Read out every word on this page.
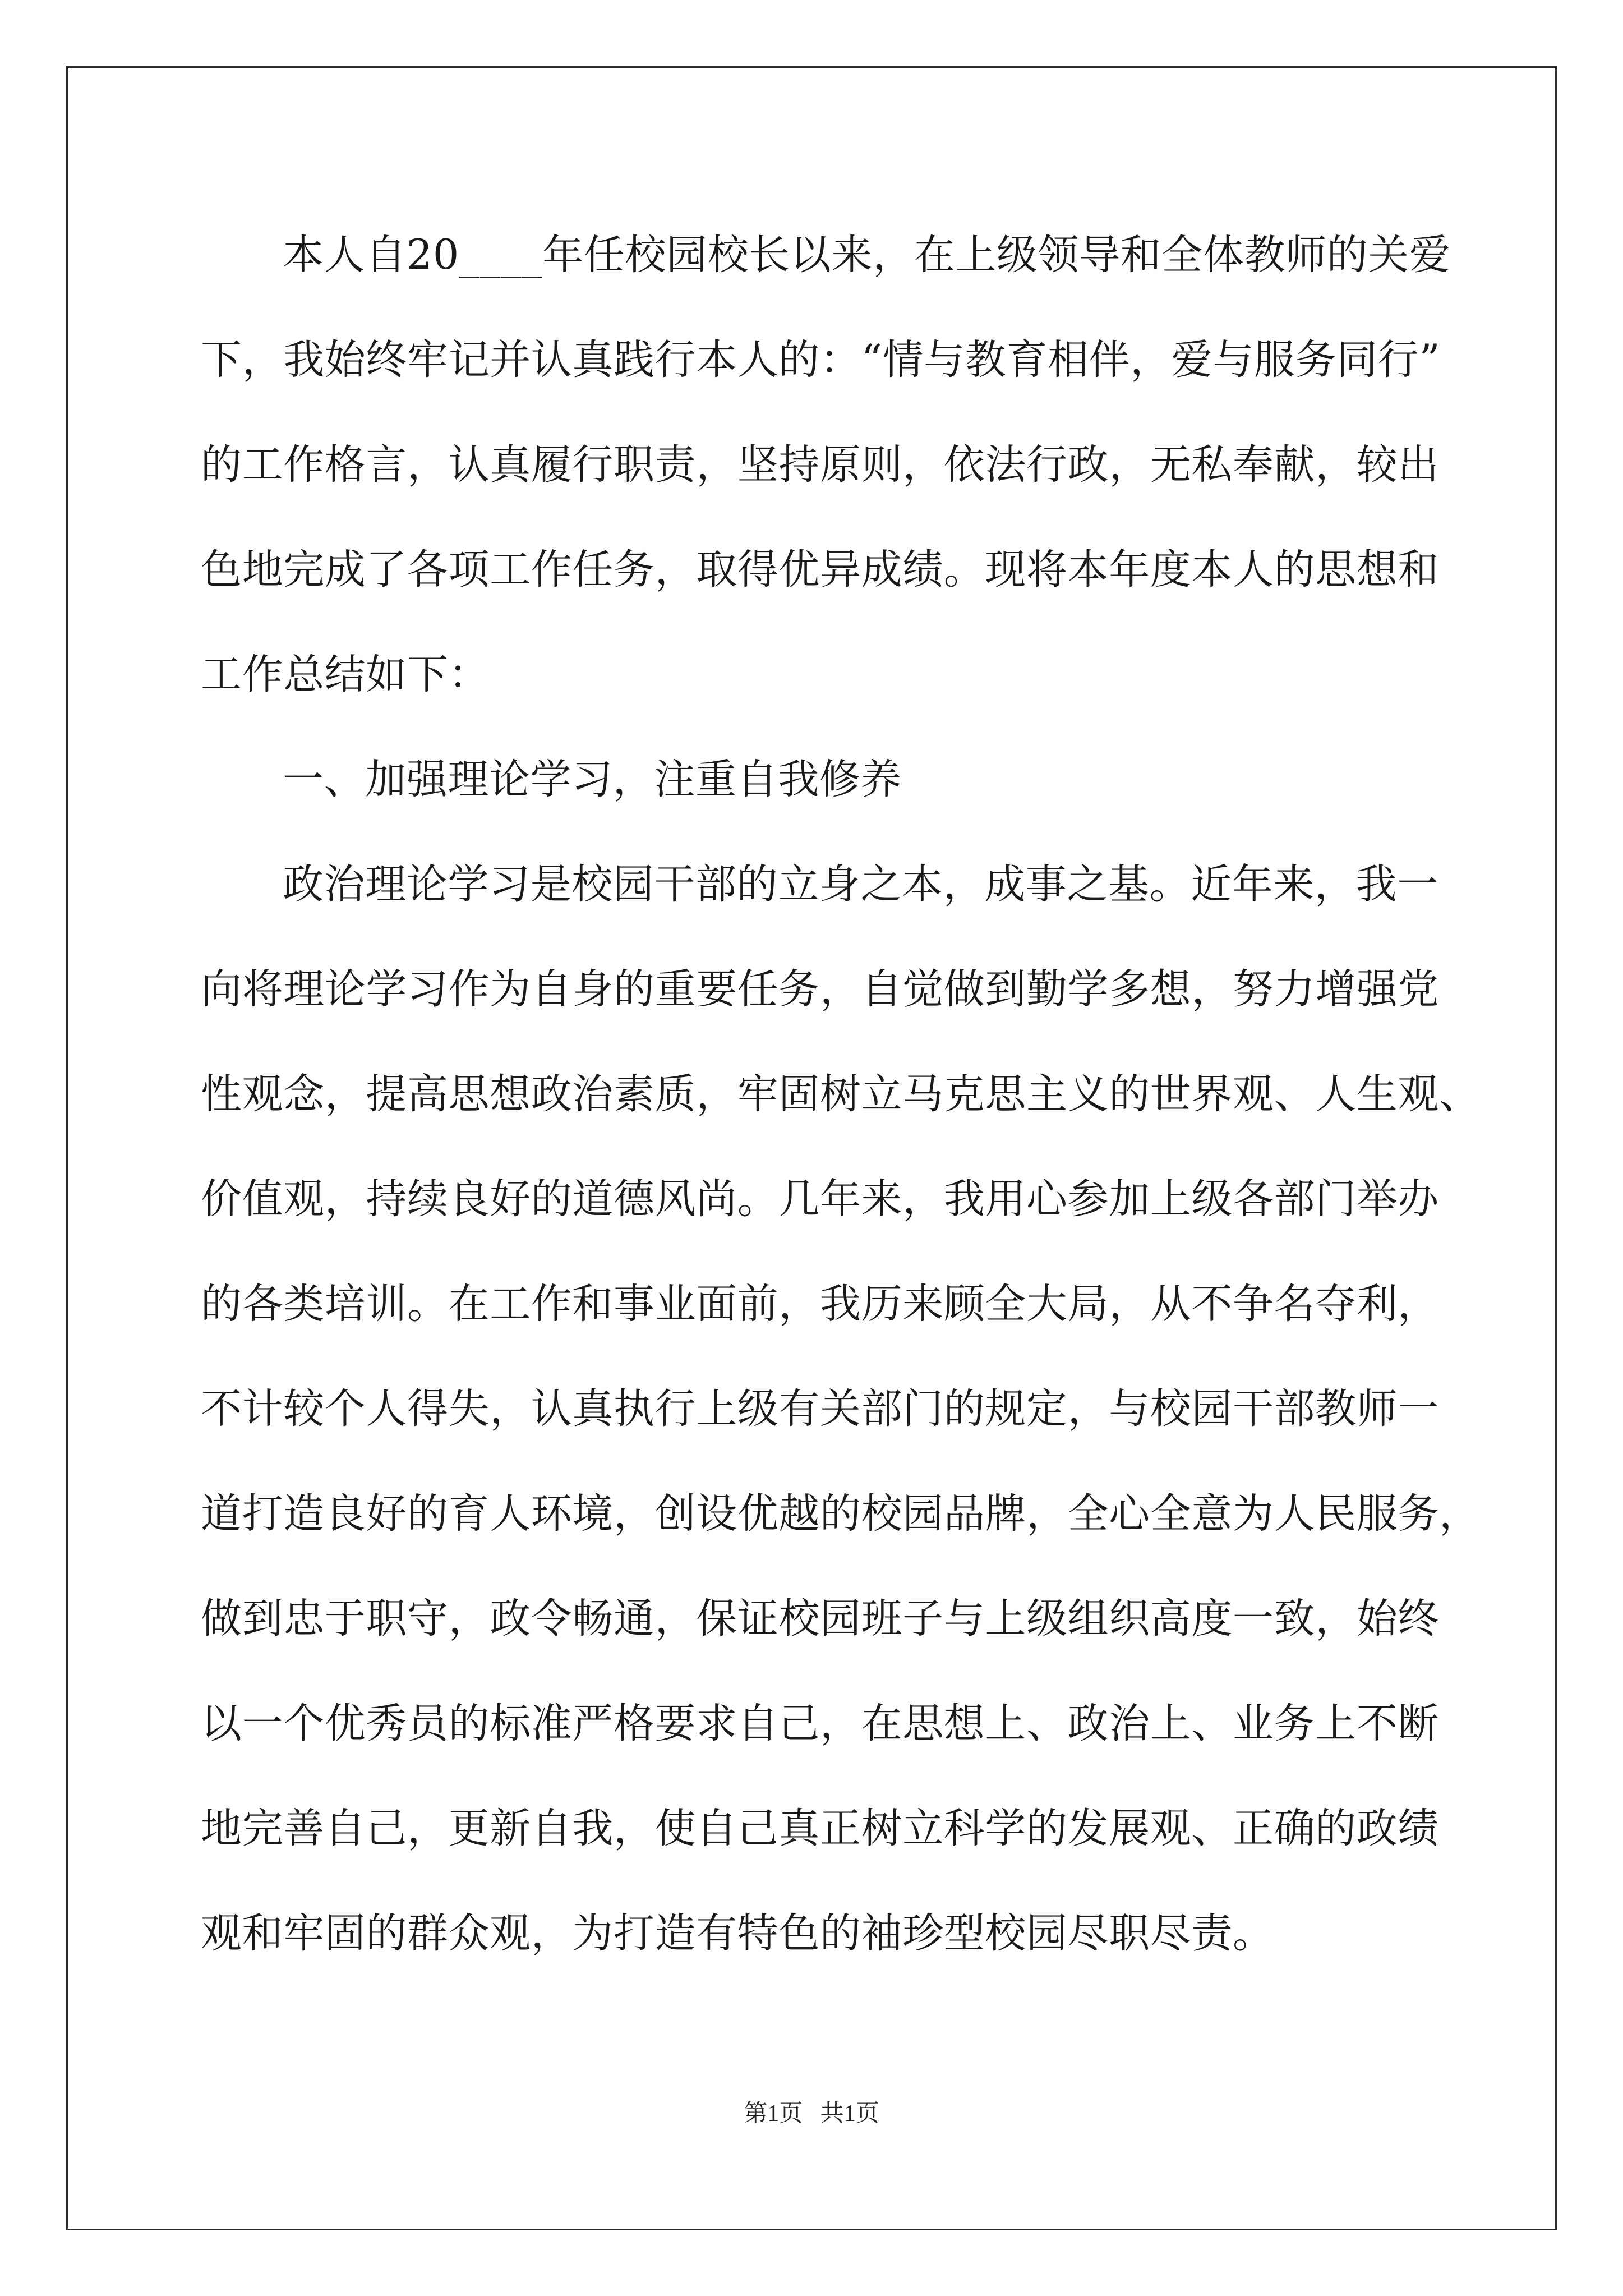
本人自20____年任校园校长以来，在上级领导和全体教师的关爱
下，我始终牢记并认真践行本人的：“情与教育相伴，爱与服务同行”
的工作格言，认真履行职责，坚持原则，依法行政，无私奉献，较出
色地完成了各项工作任务，取得优异成绩。现将本年度本人的思想和
工作总结如下：
一、加强理论学习，注重自我修养
政治理论学习是校园干部的立身之本，成事之基。近年来，我一
向将理论学习作为自身的重要任务，自觉做到勤学多想，努力增强党
性观念，提高思想政治素质，牢固树立马克思主义的世界观、人生观、
价值观，持续良好的道德风尚。几年来，我用心参加上级各部门举办
的各类培训。在工作和事业面前，我历来顾全大局，从不争名夺利，
不计较个人得失，认真执行上级有关部门的规定，与校园干部教师一
道打造良好的育人环境，创设优越的校园品牌，全心全意为人民服务，
做到忠于职守，政令畅通，保证校园班子与上级组织高度一致，始终
以一个优秀员的标准严格要求自己，在思想上、政治上、业务上不断
地完善自己，更新自我，使自己真正树立科学的发展观、正确的政绩
观和牢固的群众观，为打造有特色的袖珍型校园尽职尽责。
第1页 共1页
